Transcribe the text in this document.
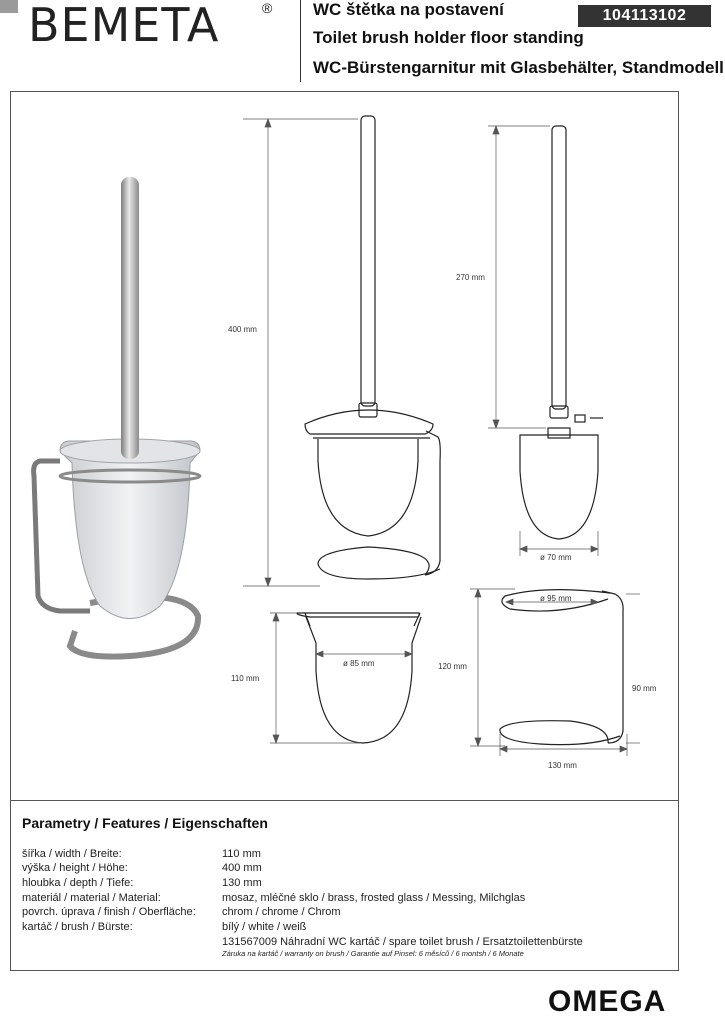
BEMETA	® WC štětka na postavení
Toilet brush holder floor standing
WC-Bürstengarnitur mit Glasbehälter, Standmodell
104113102
400 mm
270 mm
ø 70 mm
ø 85 mm
110 mm
ø 95 mm
120 mm
90 mm
130 mm
Parametry / Features / Eigenschaften
šířka / width / Breite:	110 mm
výška / height / Höhe:	400 mm
hloubka / depth / Tiefe:	130 mm
materiál / material / Material:	mosaz, mléčné sklo / brass, frosted glass / Messing, Milchglas
povrch. úprava / finish / Oberfläche:	chrom / chrome / Chrom
kartáč / brush / Bürste:	bílý / white / weiß
131567009 Náhradní WC kartáč / spare toilet brush / Ersatztoilettenbürste
Záruka na kartáč / warranty on brush / Garantie auf Pinsel: 6 měsíců / 6 montsh / 6 Monate
OMEGA
